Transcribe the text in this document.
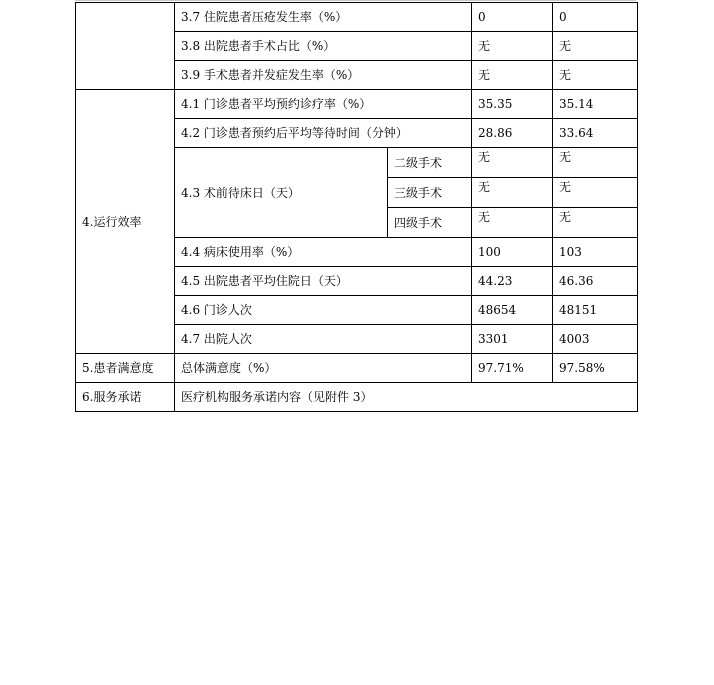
	3.7 住院患者压疮发生率（%）		0	0
	3.8 出院患者手术占比（%）		无	无
	3.9 手术患者并发症发生率（%）		无	无
4.运行效率	4.1 门诊患者平均预约诊疗率（%）		35.35	35.14
	4.2 门诊患者预约后平均等待时间（分钟）		28.86	33.64
	4.3 术前待床日（天）	二级手术	无	无
		三级手术	无	无
		四级手术	无	无
	4.4 病床使用率（%）		100	103
	4.5 出院患者平均住院日（天）		44.23	46.36
	4.6 门诊人次		48654	48151
	4.7 出院人次		3301	4003
5.患者满意度	总体满意度（%）		97.71%	97.58%
6.服务承诺	医疗机构服务承诺内容（见附件 3）			
